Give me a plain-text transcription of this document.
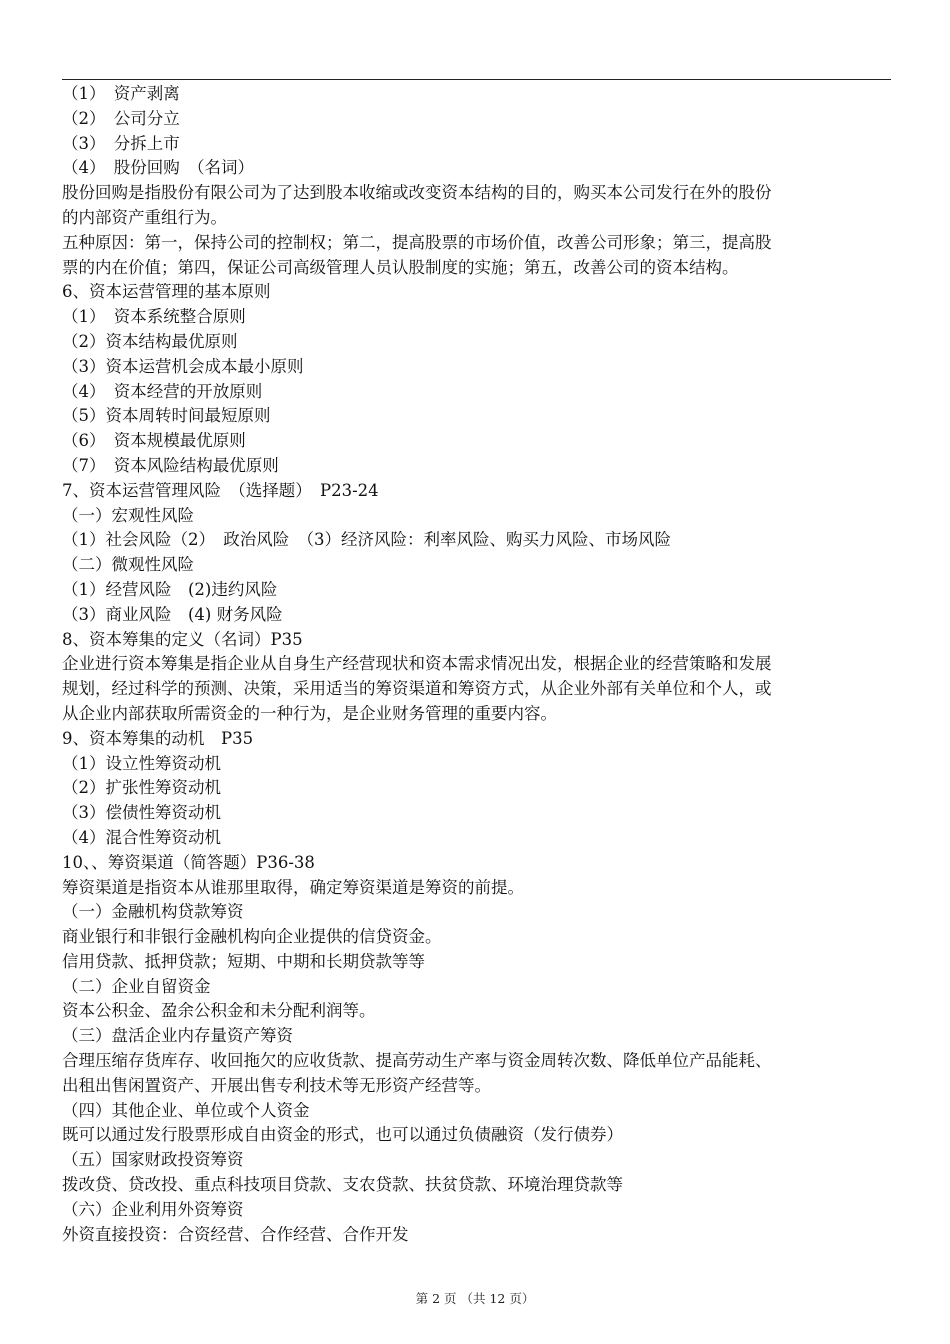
（1）　资产剥离
（2）　公司分立
（3）　分拆上市
（4）　股份回购　（名词）
股份回购是指股份有限公司为了达到股本收缩或改变资本结构的目的，购买本公司发行在外的股份
的内部资产重组行为。
五种原因：第一，保持公司的控制权；第二，提高股票的市场价值，改善公司形象；第三，提高股
票的内在价值；第四，保证公司高级管理人员认股制度的实施；第五，改善公司的资本结构。
6、资本运营管理的基本原则
（1）　资本系统整合原则
（2）资本结构最优原则
（3）资本运营机会成本最小原则
（4）　资本经营的开放原则
（5）资本周转时间最短原则
（6）　资本规模最优原则
（7）　资本风险结构最优原则
7、资本运营管理风险　（选择题）　P23-24
（一）宏观性风险
（1）社会风险（2）　政治风险　（3）经济风险：利率风险、购买力风险、市场风险
（二）微观性风险
（1）经营风险　(2)违约风险
（3）商业风险　(4) 财务风险
8、资本筹集的定义（名词）P35
企业进行资本筹集是指企业从自身生产经营现状和资本需求情况出发，根据企业的经营策略和发展
规划，经过科学的预测、决策，采用适当的筹资渠道和筹资方式，从企业外部有关单位和个人，或
从企业内部获取所需资金的一种行为，是企业财务管理的重要内容。
9、资本筹集的动机　P35
（1）设立性筹资动机
（2）扩张性筹资动机
（3）偿债性筹资动机
（4）混合性筹资动机
10、、筹资渠道（简答题）P36-38
筹资渠道是指资本从谁那里取得，确定筹资渠道是筹资的前提。
（一）金融机构贷款筹资
商业银行和非银行金融机构向企业提供的信贷资金。
信用贷款、抵押贷款；短期、中期和长期贷款等等
（二）企业自留资金
资本公积金、盈余公积金和未分配利润等。
（三）盘活企业内存量资产筹资
合理压缩存货库存、收回拖欠的应收货款、提高劳动生产率与资金周转次数、降低单位产品能耗、
出租出售闲置资产、开展出售专利技术等无形资产经营等。
（四）其他企业、单位或个人资金
既可以通过发行股票形成自由资金的形式，也可以通过负债融资（发行债券）
（五）国家财政投资筹资
拨改贷、贷改投、重点科技项目贷款、支农贷款、扶贫贷款、环境治理贷款等
（六）企业利用外资筹资
外资直接投资：合资经营、合作经营、合作开发
第 2 页 （共 12 页）
